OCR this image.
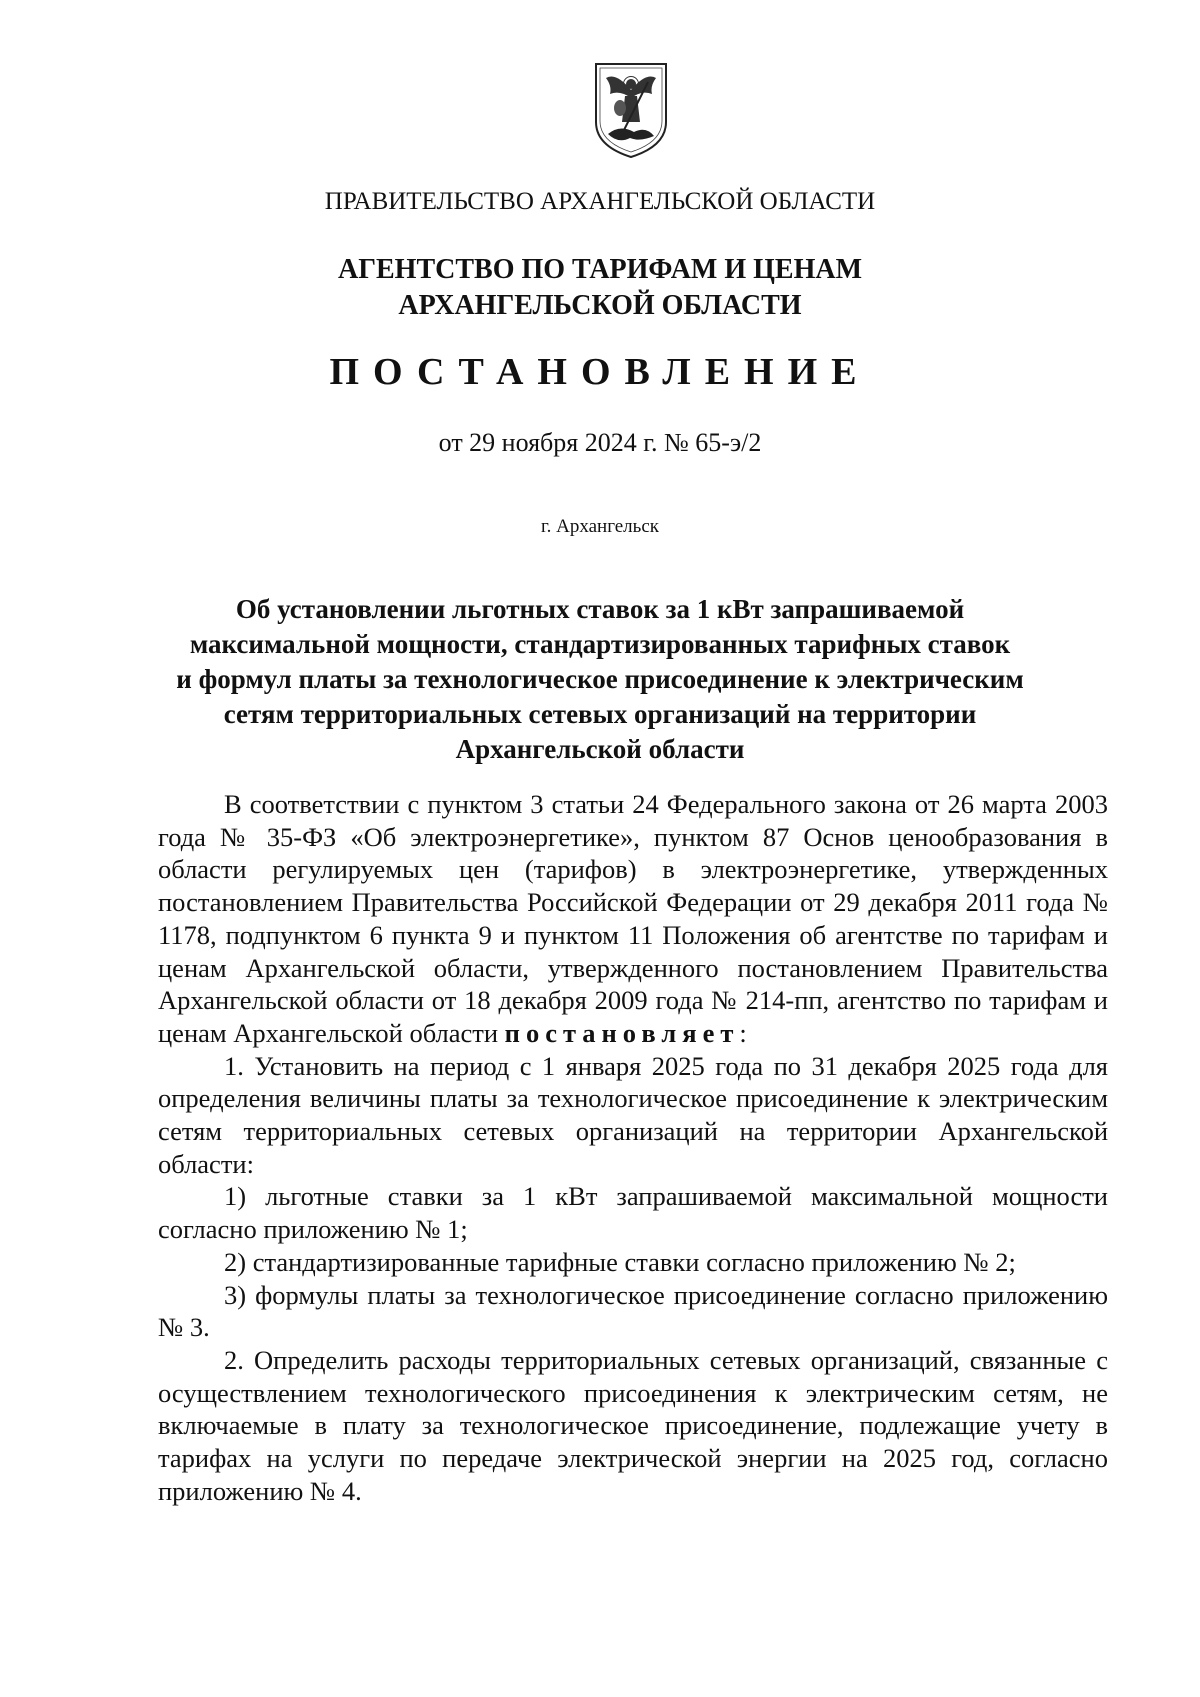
ПРАВИТЕЛЬСТВО АРХАНГЕЛЬСКОЙ ОБЛАСТИ
АГЕНТСТВО ПО ТАРИФАМ И ЦЕНАМ
АРХАНГЕЛЬСКОЙ ОБЛАСТИ
ПОСТАНОВЛЕНИЕ
от 29 ноября 2024 г. № 65-э/2
г. Архангельск
Об установлении льготных ставок за 1 кВт запрашиваемой
максимальной мощности, стандартизированных тарифных ставок
и формул платы за технологическое присоединение к электрическим
сетям территориальных сетевых организаций на территории
Архангельской области

В соответствии с пунктом 3 статьи 24 Федерального закона от 26 марта 2003 года № 35-ФЗ «Об электроэнергетике», пунктом 87 Основ ценообразования в области регулируемых цен (тарифов) в электроэнергетике, утвержденных постановлением Правительства Российской Федерации от 29 декабря 2011 года № 1178, подпунктом 6 пункта 9 и пунктом 11 Положения об агентстве по тарифам и ценам Архангельской области, утвержденного постановлением Правительства Архангельской области от 18 декабря 2009 года № 214-пп, агентство по тарифам и ценам Архангельской области постановляет:

1. Установить на период с 1 января 2025 года по 31 декабря 2025 года для определения величины платы за технологическое присоединение к электрическим сетям территориальных сетевых организаций на территории Архангельской области:

1) льготные ставки за 1 кВт запрашиваемой максимальной мощности согласно приложению № 1;

2) стандартизированные тарифные ставки согласно приложению № 2;

3) формулы платы за технологическое присоединение согласно приложению № 3.

2. Определить расходы территориальных сетевых организаций, связанные с осуществлением технологического присоединения к электрическим сетям, не включаемые в плату за технологическое присоединение, подлежащие учету в тарифах на услуги по передаче электрической энергии на 2025 год, согласно приложению № 4.
